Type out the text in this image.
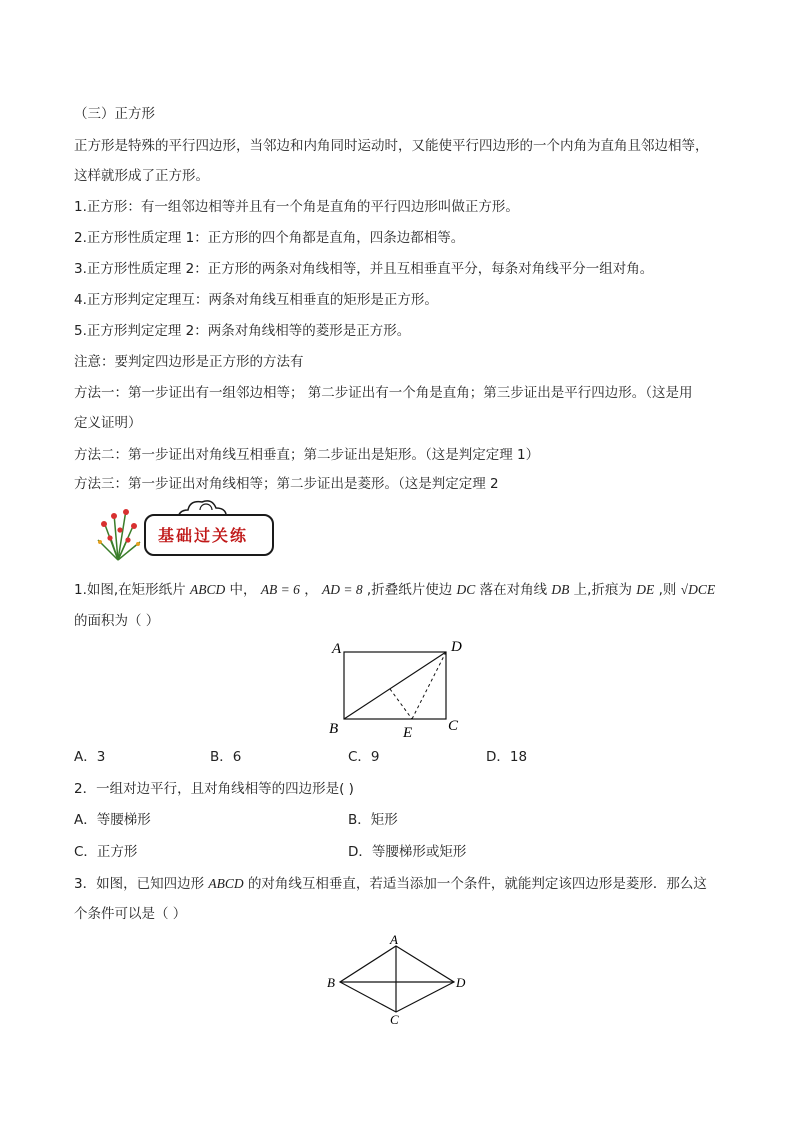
（三）正方形
正方形是特殊的平行四边形，当邻边和内角同时运动时，又能使平行四边形的一个内角为直角且邻边相等，
这样就形成了正方形。
1.正方形：有一组邻边相等并且有一个角是直角的平行四边形叫做正方形。
2.正方形性质定理 1：正方形的四个角都是直角，四条边都相等。
3.正方形性质定理 2：正方形的两条对角线相等，并且互相垂直平分，每条对角线平分一组对角。
4.正方形判定定理互：两条对角线互相垂直的矩形是正方形。
5.正方形判定定理 2：两条对角线相等的菱形是正方形。
注意：要判定四边形是正方形的方法有
方法一：第一步证出有一组邻边相等； 第二步证出有一个角是直角；第三步证出是平行四边形。（这是用
定义证明）
方法二：第一步证出对角线互相垂直；第二步证出是矩形。（这是判定定理 1）
方法三：第一步证出对角线相等；第二步证出是菱形。（这是判定定理 2
基础过关练
1.如图,在矩形纸片 ABCD 中， AB = 6 ， AD = 8 ,折叠纸片使边 DC 落在对角线 DB 上,折痕为 DE ,则 √DCE
的面积为（ ）
A	D
B	C
E
A．3	B．6	C．9	D．18
2．一组对边平行，且对角线相等的四边形是( )
A．等腰梯形	B．矩形
C．正方形	D．等腰梯形或矩形
3．如图，已知四边形 ABCD 的对角线互相垂直，若适当添加一个条件，就能判定该四边形是菱形．那么这
个条件可以是（ ）
A
B	D
C
